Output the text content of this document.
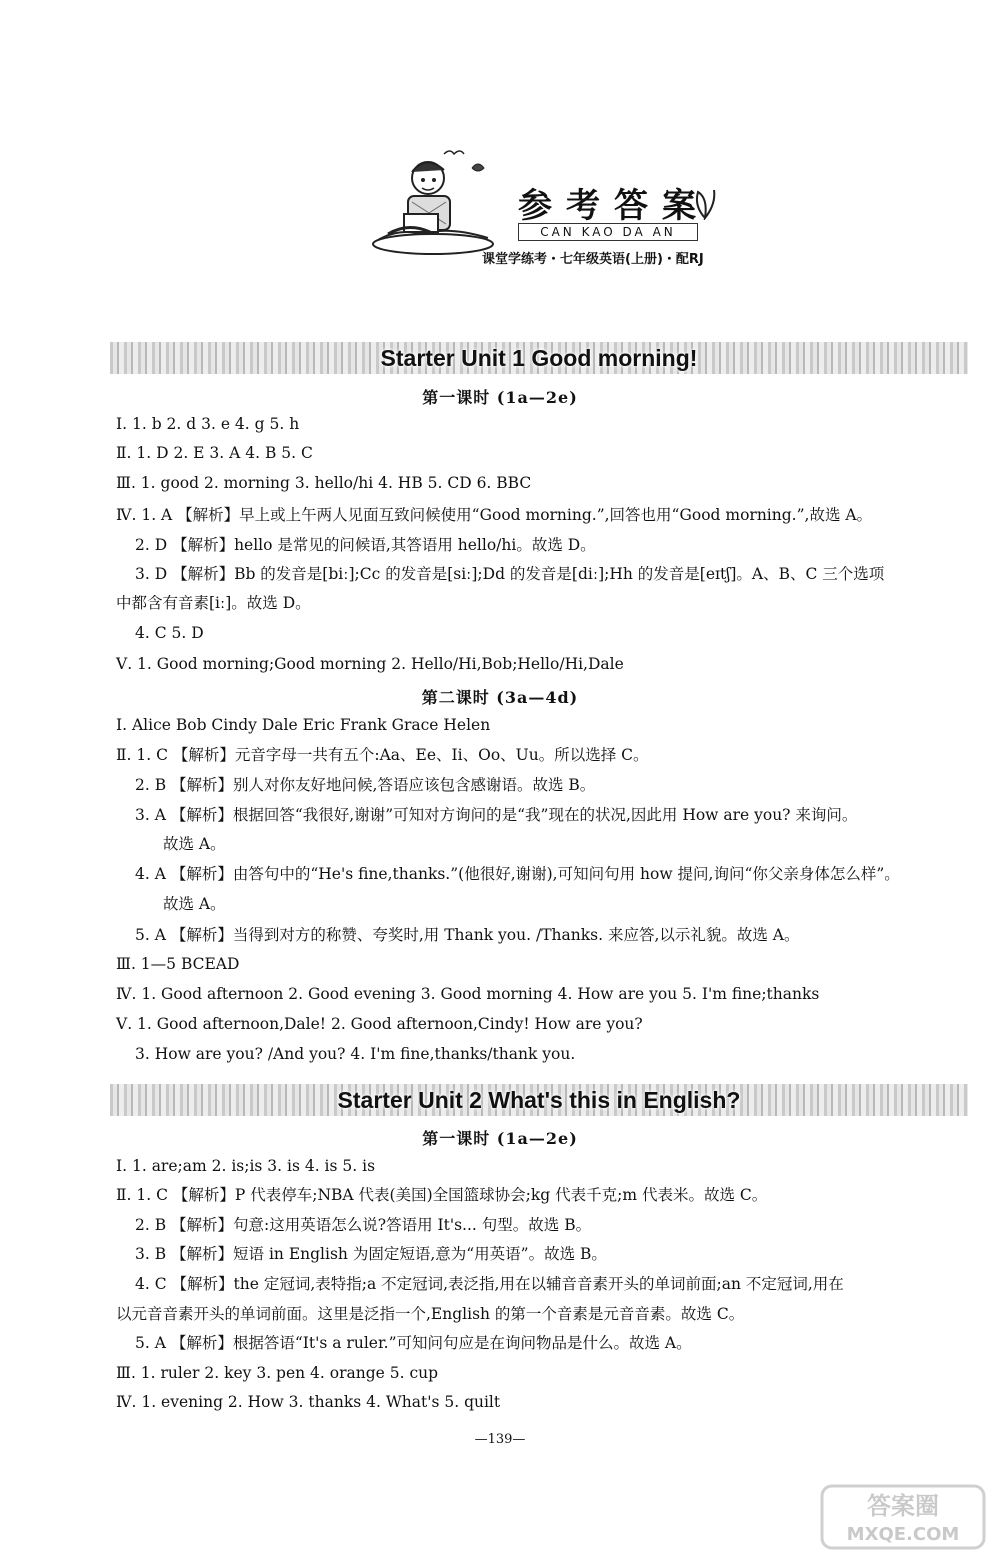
参考答案
CAN KAO DA AN
课堂学练考・七年级英语(上册)・配RJ
Starter Unit 1 Good morning!
第一课时 (1a—2e)
Ⅰ. 1. b 2. d 3. e 4. g 5. h
Ⅱ. 1. D 2. E 3. A 4. B 5. C
Ⅲ. 1. good 2. morning 3. hello/hi 4. HB 5. CD 6. BBC
Ⅳ. 1. A 【解析】早上或上午两人见面互致问候使用“Good morning.”,回答也用“Good morning.”,故选 A。
2. D 【解析】hello 是常见的问候语,其答语用 hello/hi。故选 D。
3. D 【解析】Bb 的发音是[biː];Cc 的发音是[siː];Dd 的发音是[diː];Hh 的发音是[eɪtʃ]。A、B、C 三个选项
中都含有音素[iː]。故选 D。
4. C 5. D
Ⅴ. 1. Good morning;Good morning 2. Hello/Hi,Bob;Hello/Hi,Dale
第二课时 (3a—4d)
Ⅰ. Alice Bob Cindy Dale Eric Frank Grace Helen
Ⅱ. 1. C 【解析】元音字母一共有五个:Aa、Ee、Ii、Oo、Uu。所以选择 C。
2. B 【解析】别人对你友好地问候,答语应该包含感谢语。故选 B。
3. A 【解析】根据回答“我很好,谢谢”可知对方询问的是“我”现在的状况,因此用 How are you? 来询问。
故选 A。
4. A 【解析】由答句中的“He's fine,thanks.”(他很好,谢谢),可知问句用 how 提问,询问“你父亲身体怎么样”。
故选 A。
5. A 【解析】当得到对方的称赞、夸奖时,用 Thank you. /Thanks. 来应答,以示礼貌。故选 A。
Ⅲ. 1—5 BCEAD
Ⅳ. 1. Good afternoon 2. Good evening 3. Good morning 4. How are you 5. I'm fine;thanks
Ⅴ. 1. Good afternoon,Dale! 2. Good afternoon,Cindy! How are you?
3. How are you? /And you? 4. I'm fine,thanks/thank you.
Starter Unit 2 What's this in English?
第一课时 (1a—2e)
Ⅰ. 1. are;am 2. is;is 3. is 4. is 5. is
Ⅱ. 1. C 【解析】P 代表停车;NBA 代表(美国)全国篮球协会;kg 代表千克;m 代表米。故选 C。
2. B 【解析】句意:这用英语怎么说?答语用 It's... 句型。故选 B。
3. B 【解析】短语 in English 为固定短语,意为“用英语”。故选 B。
4. C 【解析】the 定冠词,表特指;a 不定冠词,表泛指,用在以辅音音素开头的单词前面;an 不定冠词,用在
以元音音素开头的单词前面。这里是泛指一个,English 的第一个音素是元音音素。故选 C。
5. A 【解析】根据答语“It's a ruler.”可知问句应是在询问物品是什么。故选 A。
Ⅲ. 1. ruler 2. key 3. pen 4. orange 5. cup
Ⅳ. 1. evening 2. How 3. thanks 4. What's 5. quilt
—139—
答案圈
MXQE.COM
